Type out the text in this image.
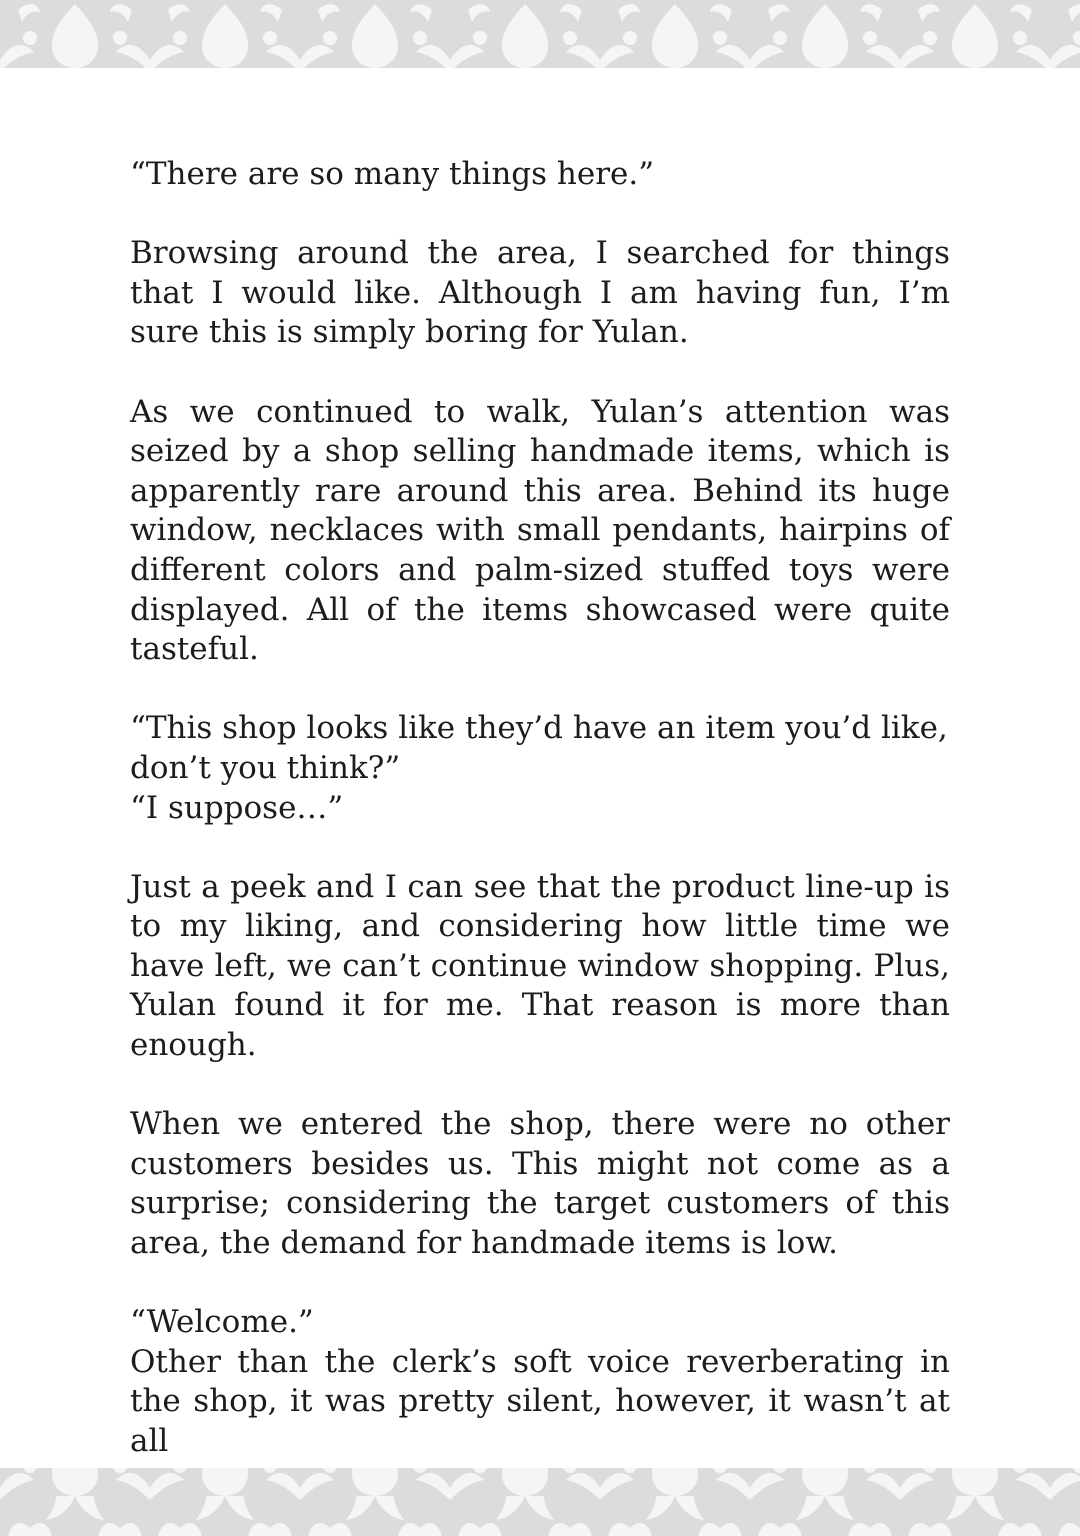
“There are so many things here.”

Browsing around the area, I searched for things that I would like. Although I am having fun, I’m sure this is simply boring for Yulan.

As we continued to walk, Yulan’s attention was seized by a shop selling handmade items, which is apparently rare around this area. Behind its huge window, necklaces with small pendants, hairpins of different colors and palm-sized stuffed toys were displayed. All of the items showcased were quite tasteful.

“This shop looks like they’d have an item you’d like, don’t you think?”
“I suppose…”

Just a peek and I can see that the product line-up is to my liking, and considering how little time we have left, we can’t continue window shopping. Plus, Yulan found it for me. That reason is more than enough.

When we entered the shop, there were no other customers besides us. This might not come as a surprise; considering the target customers of this area, the demand for handmade items is low.

“Welcome.”
Other than the clerk’s soft voice reverberating in the shop, it was pretty silent, however, it wasn’t at all
